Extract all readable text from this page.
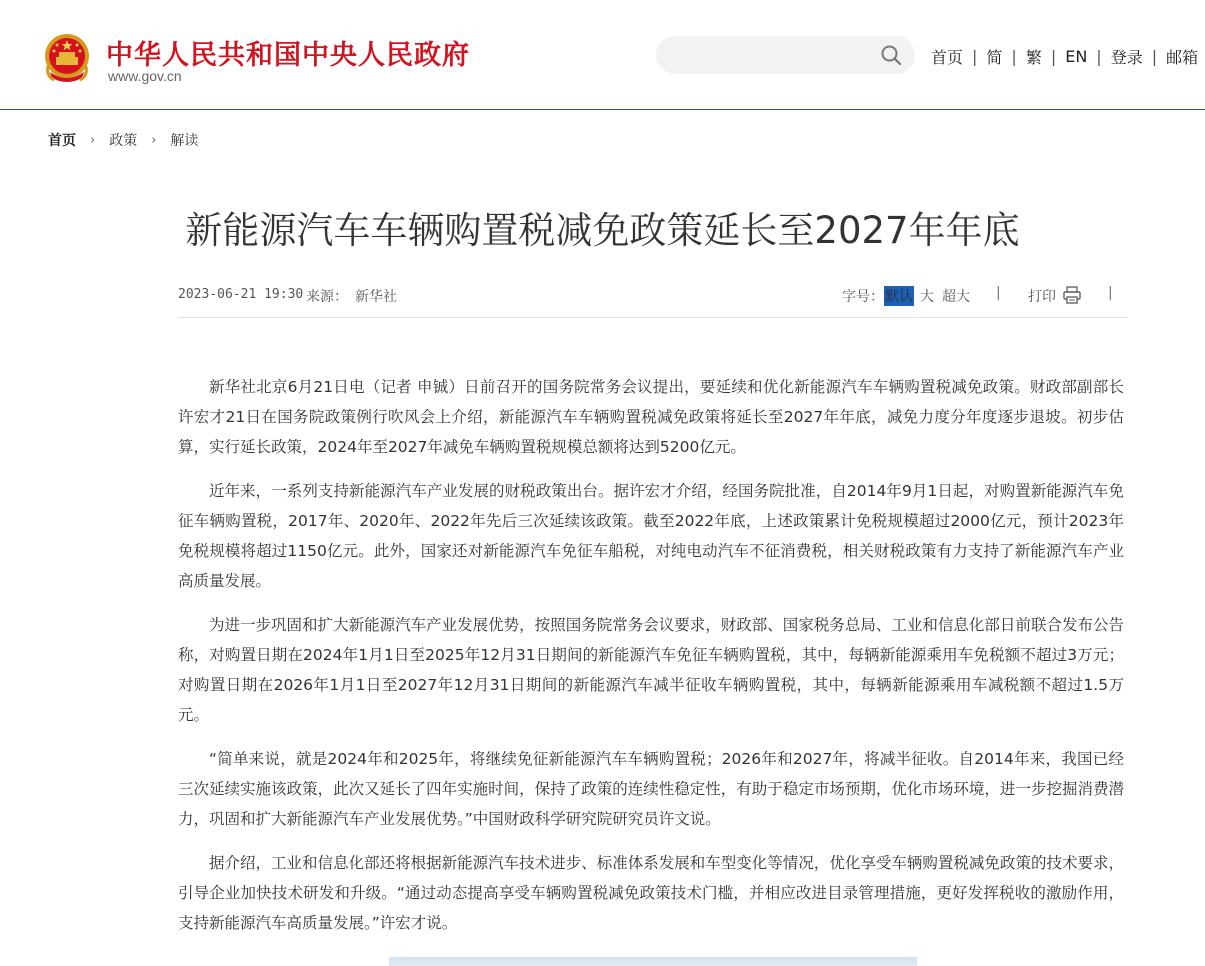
中华人民共和国中央人民政府
www.gov.cn
首页 | 简 | 繁 | EN | 登录 | 邮箱
首页 › 政策 › 解读
新能源汽车车辆购置税减免政策延长至2027年年底
2023-06-21 19:30 来源： 新华社	字号： 默认 大 超大 | 打印	|

新华社北京6月21日电（记者 申铖）日前召开的国务院常务会议提出，要延续和优化新能源汽车车辆购置税减免政策。财政部副部长许宏才21日在国务院政策例行吹风会上介绍，新能源汽车车辆购置税减免政策将延长至2027年年底，减免力度分年度逐步退坡。初步估算，实行延长政策，2024年至2027年减免车辆购置税规模总额将达到5200亿元。

近年来，一系列支持新能源汽车产业发展的财税政策出台。据许宏才介绍，经国务院批准，自2014年9月1日起，对购置新能源汽车免征车辆购置税，2017年、2020年、2022年先后三次延续该政策。截至2022年底，上述政策累计免税规模超过2000亿元，预计2023年免税规模将超过1150亿元。此外，国家还对新能源汽车免征车船税，对纯电动汽车不征消费税，相关财税政策有力支持了新能源汽车产业高质量发展。

为进一步巩固和扩大新能源汽车产业发展优势，按照国务院常务会议要求，财政部、国家税务总局、工业和信息化部日前联合发布公告称，对购置日期在2024年1月1日至2025年12月31日期间的新能源汽车免征车辆购置税，其中，每辆新能源乘用车免税额不超过3万元；对购置日期在2026年1月1日至2027年12月31日期间的新能源汽车减半征收车辆购置税，其中，每辆新能源乘用车减税额不超过1.5万元。

“简单来说，就是2024年和2025年，将继续免征新能源汽车车辆购置税；2026年和2027年，将减半征收。自2014年来，我国已经三次延续实施该政策，此次又延长了四年实施时间，保持了政策的连续性稳定性，有助于稳定市场预期，优化市场环境，进一步挖掘消费潜力，巩固和扩大新能源汽车产业发展优势。”中国财政科学研究院研究员许文说。

据介绍，工业和信息化部还将根据新能源汽车技术进步、标准体系发展和车型变化等情况，优化享受车辆购置税减免政策的技术要求，引导企业加快技术研发和升级。“通过动态提高享受车辆购置税减免政策技术门槛，并相应改进目录管理措施，更好发挥税收的激励作用，支持新能源汽车高质量发展。”许宏才说。
